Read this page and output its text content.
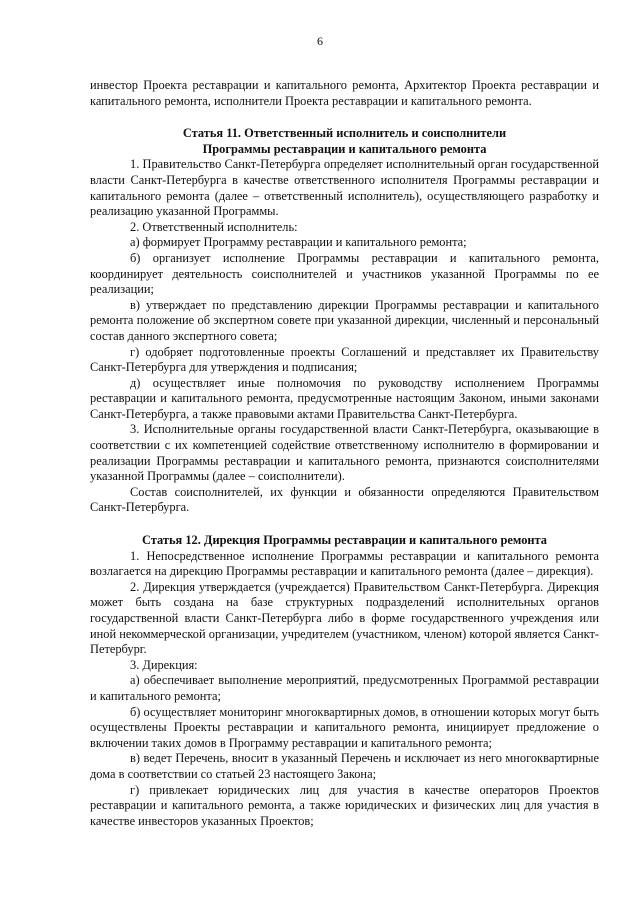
6

инвестор Проекта реставрации и капитального ремонта, Архитектор Проекта реставрации и капитального ремонта, исполнители Проекта реставрации и капитального ремонта.

Статья 11. Ответственный исполнитель и соисполнители

Программы реставрации и капитального ремонта

1. Правительство Санкт-Петербурга определяет исполнительный орган государственной власти Санкт-Петербурга в качестве ответственного исполнителя Программы реставрации и капитального ремонта (далее – ответственный исполнитель), осуществляющего разработку и реализацию указанной Программы.

2. Ответственный исполнитель:

а) формирует Программу реставрации и капитального ремонта;

б) организует исполнение Программы реставрации и капитального ремонта, координирует деятельность соисполнителей и участников указанной Программы по ее реализации;

в) утверждает по представлению дирекции Программы реставрации и капитального ремонта положение об экспертном совете при указанной дирекции, численный и персональный состав данного экспертного совета;

г) одобряет подготовленные проекты Соглашений и представляет их Правительству Санкт-Петербурга для утверждения и подписания;

д) осуществляет иные полномочия по руководству исполнением Программы реставрации и капитального ремонта, предусмотренные настоящим Законом, иными законами Санкт-Петербурга, а также правовыми актами Правительства Санкт-Петербурга.

3. Исполнительные органы государственной власти Санкт-Петербурга, оказывающие в соответствии с их компетенцией содействие ответственному исполнителю в формировании и реализации Программы реставрации и капитального ремонта, признаются соисполнителями указанной Программы (далее – соисполнители).

Состав соисполнителей, их функции и обязанности определяются Правительством Санкт-Петербурга.

Статья 12. Дирекция Программы реставрации и капитального ремонта

1. Непосредственное исполнение Программы реставрации и капитального ремонта возлагается на дирекцию Программы реставрации и капитального ремонта (далее – дирекция).

2. Дирекция утверждается (учреждается) Правительством Санкт-Петербурга. Дирекция может быть создана на базе структурных подразделений исполнительных органов государственной власти Санкт-Петербурга либо в форме государственного учреждения или иной некоммерческой организации, учредителем (участником, членом) которой является Санкт-Петербург.

3. Дирекция:

а) обеспечивает выполнение мероприятий, предусмотренных Программой реставрации и капитального ремонта;

б) осуществляет мониторинг многоквартирных домов, в отношении которых могут быть осуществлены Проекты реставрации и капитального ремонта, инициирует предложение о включении таких домов в Программу реставрации и капитального ремонта;

в) ведет Перечень, вносит в указанный Перечень и исключает из него многоквартирные дома в соответствии со статьей 23 настоящего Закона;

г) привлекает юридических лиц для участия в качестве операторов Проектов реставрации и капитального ремонта, а также юридических и физических лиц для участия в качестве инвесторов указанных Проектов;
